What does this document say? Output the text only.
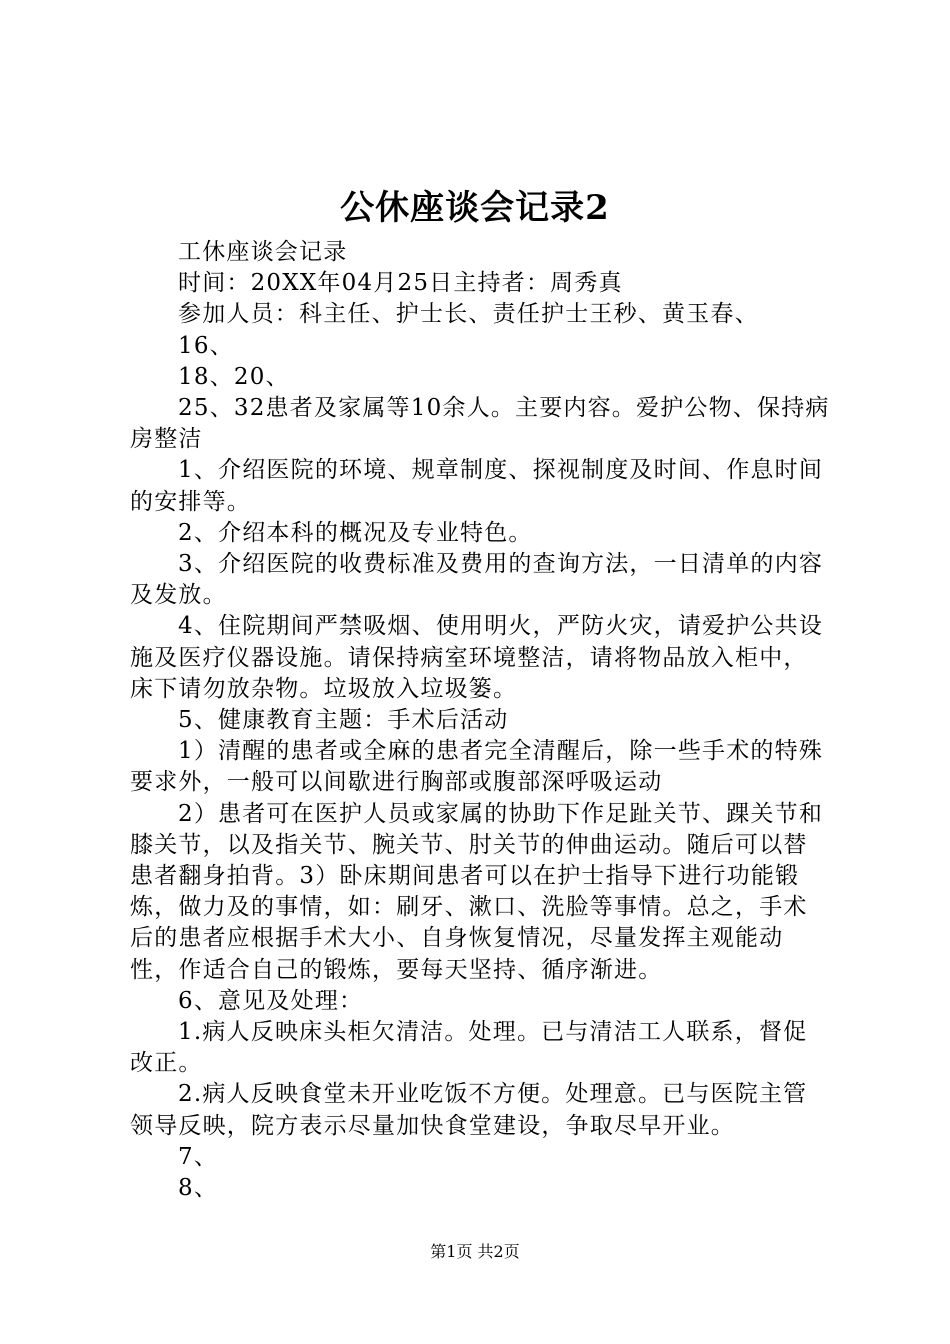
公休座谈会记录2

工休座谈会记录

时间：20XX年04月25日主持者：周秀真

参加人员：科主任、护士长、责任护士王秒、黄玉春、

16、

18、20、

25、32患者及家属等10余人。主要内容。爱护公物、保持病房整洁

1、介绍医院的环境、规章制度、探视制度及时间、作息时间的安排等。

2、介绍本科的概况及专业特色。

3、介绍医院的收费标准及费用的查询方法，一日清单的内容及发放。

4、住院期间严禁吸烟、使用明火，严防火灾，请爱护公共设施及医疗仪器设施。请保持病室环境整洁，请将物品放入柜中，床下请勿放杂物。垃圾放入垃圾篓。

5、健康教育主题：手术后活动

1）清醒的患者或全麻的患者完全清醒后，除一些手术的特殊要求外，一般可以间歇进行胸部或腹部深呼吸运动

2）患者可在医护人员或家属的协助下作足趾关节、踝关节和膝关节，以及指关节、腕关节、肘关节的伸曲运动。随后可以替患者翻身拍背。3）卧床期间患者可以在护士指导下进行功能锻炼，做力及的事情，如：刷牙、漱口、洗脸等事情。总之，手术后的患者应根据手术大小、自身恢复情况，尽量发挥主观能动性，作适合自己的锻炼，要每天坚持、循序渐进。

6、意见及处理：

1.病人反映床头柜欠清洁。处理。已与清洁工人联系，督促改正。

2.病人反映食堂未开业吃饭不方便。处理意。已与医院主管领导反映，院方表示尽量加快食堂建设，争取尽早开业。

7、

8、

第1页 共2页
